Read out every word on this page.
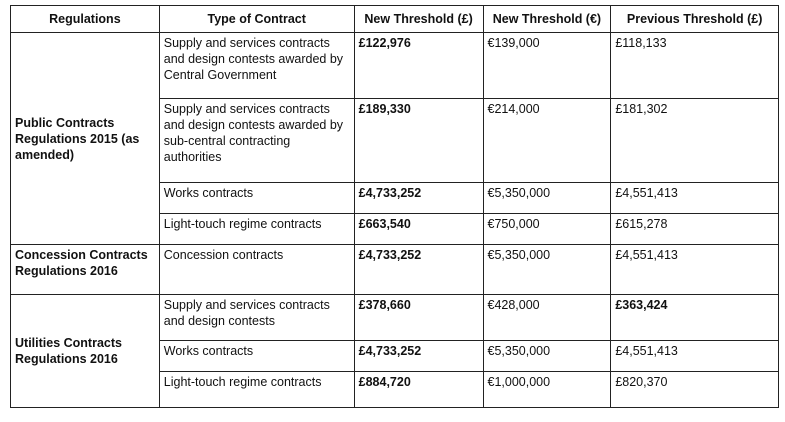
Regulations	Type of Contract	New Threshold (£)	New Threshold (€)	Previous Threshold (£)
Public Contracts Regulations 2015 (as amended)	Supply and services contracts and design contests awarded by Central Government	£122,976	€139,000	£118,133
	Supply and services contracts and design contests awarded by sub-central contracting authorities	£189,330	€214,000	£181,302
	Works contracts	£4,733,252	€5,350,000	£4,551,413
	Light-touch regime contracts	£663,540	€750,000	£615,278
Concession Contracts Regulations 2016	Concession contracts	£4,733,252	€5,350,000	£4,551,413
Utilities Contracts Regulations 2016	Supply and services contracts and design contests	£378,660	€428,000	£363,424
	Works contracts	£4,733,252	€5,350,000	£4,551,413
	Light-touch regime contracts	£884,720	€1,000,000	£820,370
